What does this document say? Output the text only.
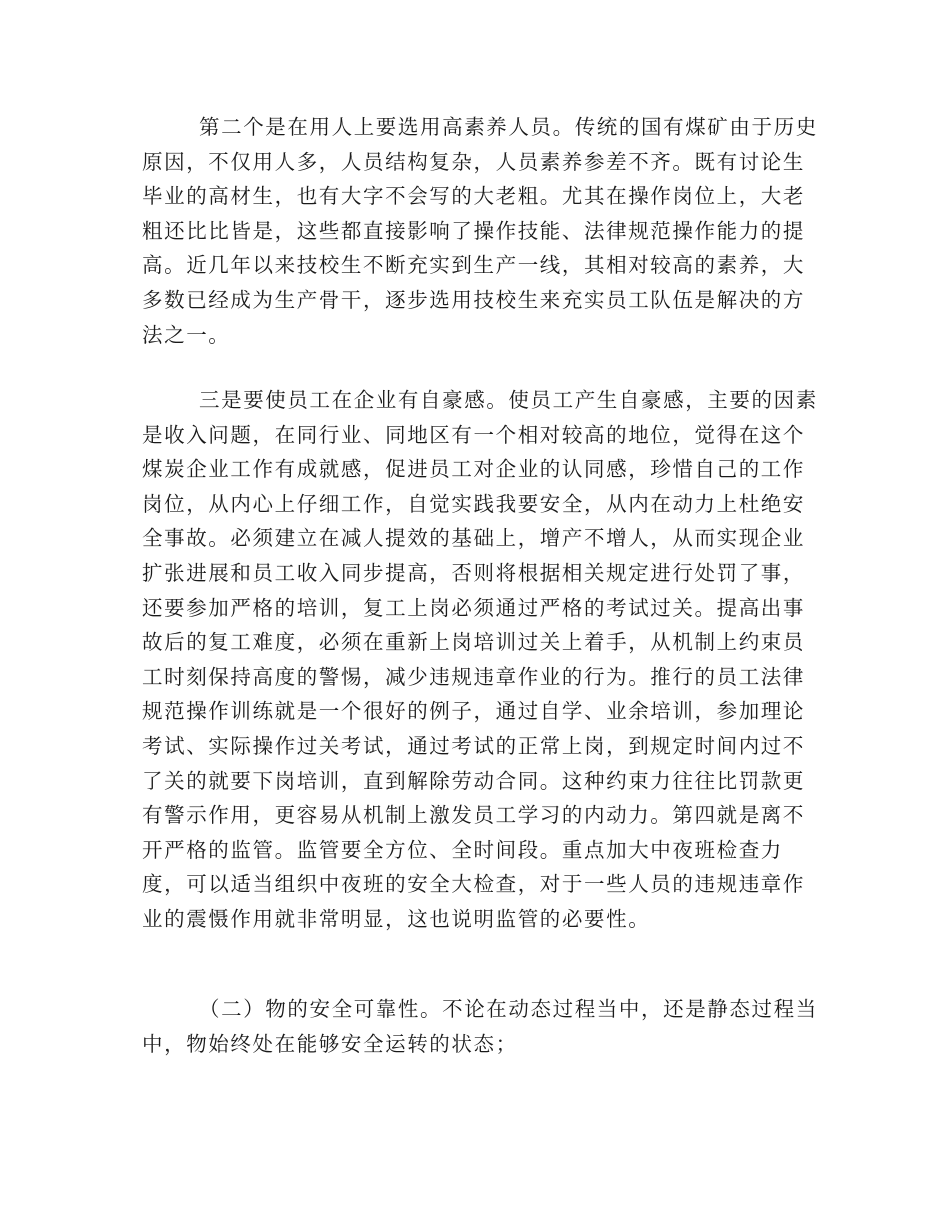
第二个是在用人上要选用高素养人员。传统的国有煤矿由于历史
原因，不仅用人多，人员结构复杂，人员素养参差不齐。既有讨论生
毕业的高材生，也有大字不会写的大老粗。尤其在操作岗位上，大老
粗还比比皆是，这些都直接影响了操作技能、法律规范操作能力的提
高。近几年以来技校生不断充实到生产一线，其相对较高的素养，大
多数已经成为生产骨干，逐步选用技校生来充实员工队伍是解决的方
法之一。
三是要使员工在企业有自豪感。使员工产生自豪感，主要的因素
是收入问题，在同行业、同地区有一个相对较高的地位，觉得在这个
煤炭企业工作有成就感，促进员工对企业的认同感，珍惜自己的工作
岗位，从内心上仔细工作，自觉实践我要安全，从内在动力上杜绝安
全事故。必须建立在减人提效的基础上，增产不增人，从而实现企业
扩张进展和员工收入同步提高，否则将根据相关规定进行处罚了事，
还要参加严格的培训，复工上岗必须通过严格的考试过关。提高出事
故后的复工难度，必须在重新上岗培训过关上着手，从机制上约束员
工时刻保持高度的警惕，减少违规违章作业的行为。推行的员工法律
规范操作训练就是一个很好的例子，通过自学、业余培训，参加理论
考试、实际操作过关考试，通过考试的正常上岗，到规定时间内过不
了关的就要下岗培训，直到解除劳动合同。这种约束力往往比罚款更
有警示作用，更容易从机制上激发员工学习的内动力。第四就是离不
开严格的监管。监管要全方位、全时间段。重点加大中夜班检查力
度，可以适当组织中夜班的安全大检查，对于一些人员的违规违章作
业的震慑作用就非常明显，这也说明监管的必要性。
（二）物的安全可靠性。不论在动态过程当中，还是静态过程当
中，物始终处在能够安全运转的状态；
